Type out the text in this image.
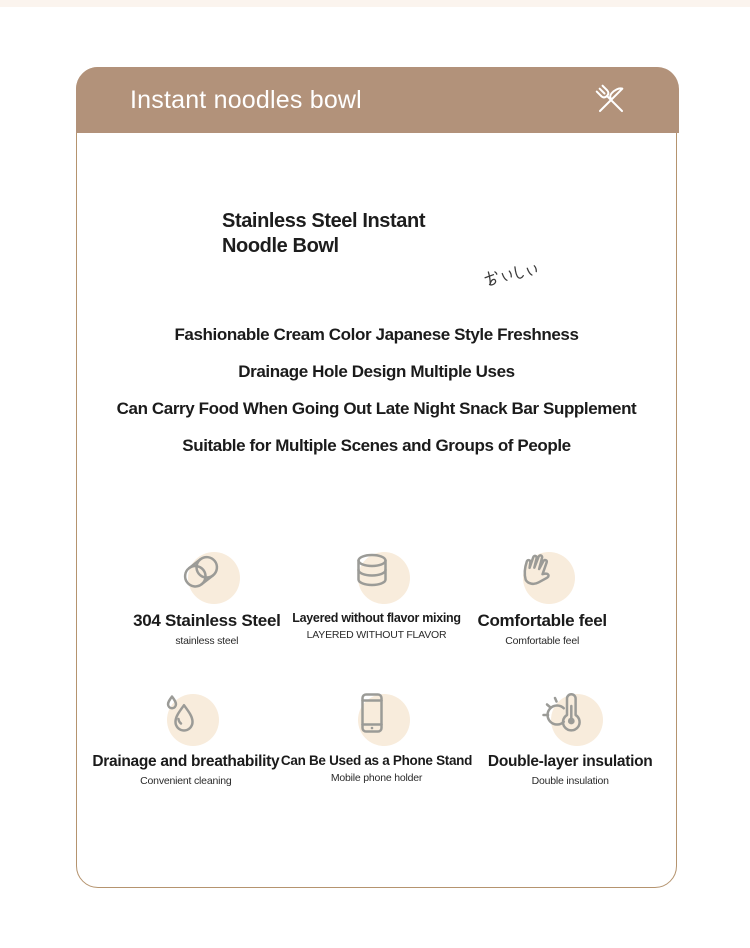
Instant noodles bowl
Stainless Steel Instant Noodle Bowl

Fashionable Cream Color Japanese Style Freshness

Drainage Hole Design Multiple Uses

Can Carry Food When Going Out Late Night Snack Bar Supplement

Suitable for Multiple Scenes and Groups of People

304 Stainless Steel
stainless steel
Layered without flavor mixing
LAYERED WITHOUT FLAVOR
Comfortable feel
Comfortable feel
Drainage and breathability
Convenient cleaning
Can Be Used as a Phone Stand
Mobile phone holder
Double-layer insulation
Double insulation
